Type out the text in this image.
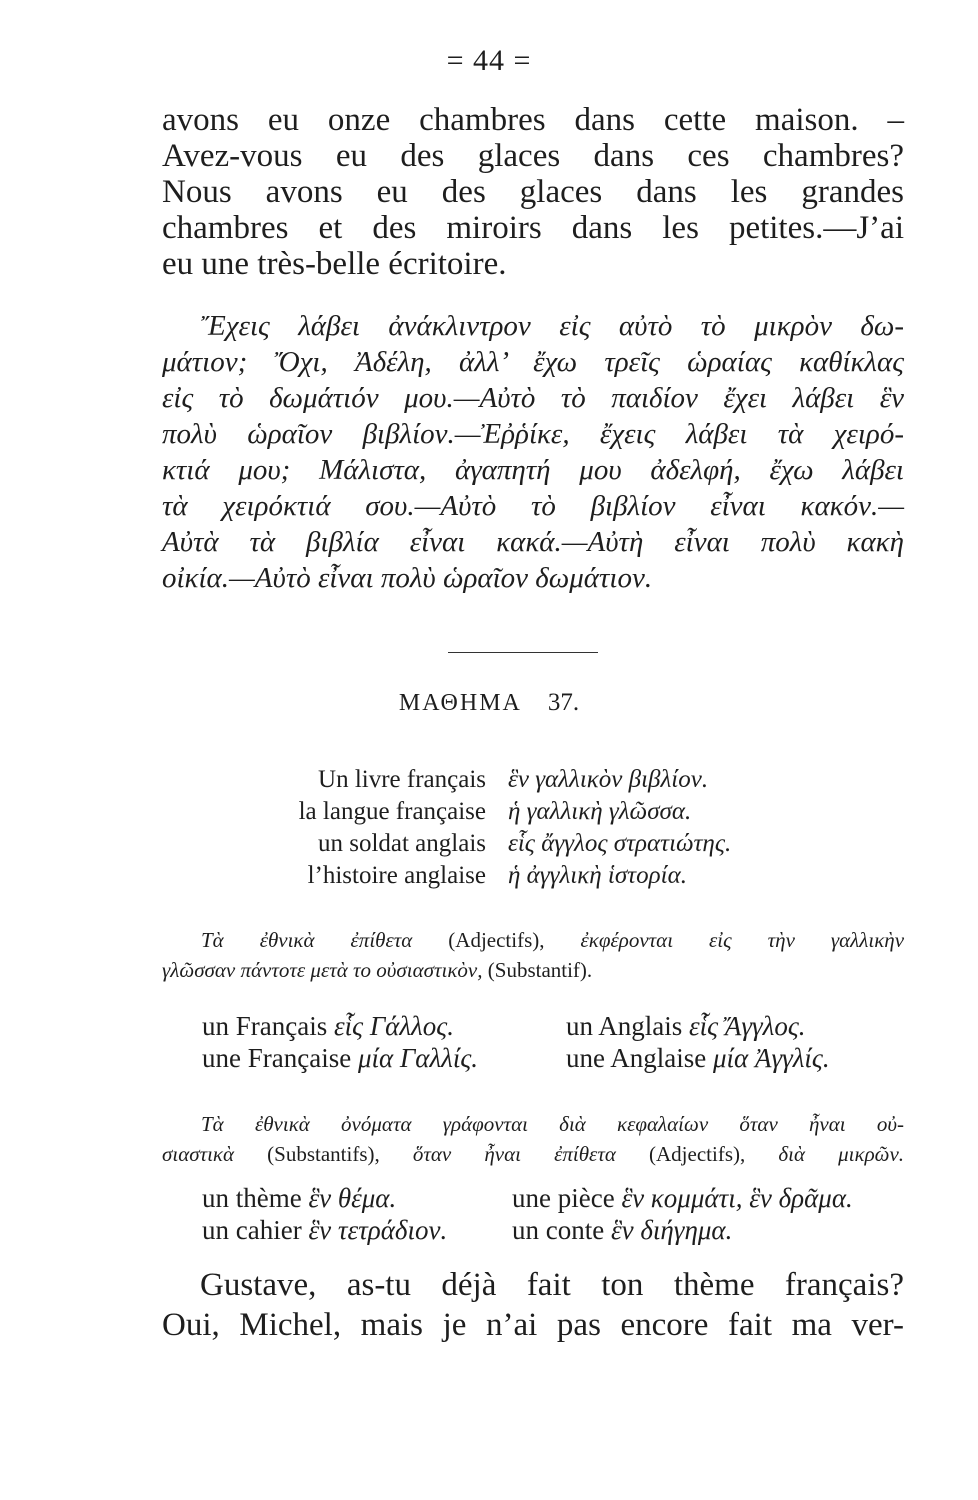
= 44 =
avons eu onze chambres dans cette maison. –
Avez-vous eu des glaces dans ces chambres?
Nous avons eu des glaces dans les grandes
chambres et des miroirs dans les petites.—J’ai
eu une très-belle écritoire.
Ἔχεις λάβει ἀνάκλιντρον εἰς αὐτὸ τὸ μικρὸν δω-
μάτιον; Ὄχι, Ἀδέλη, ἀλλ’ ἔχω τρεῖς ὡραίας καθίκλας
εἰς τὸ δωμάτιόν μου.—Αὐτὸ τὸ παιδίον ἔχει λάβει ἓν
πολὺ ὡραῖον βιβλίον.—Ἐῤῥίκε, ἔχεις λάβει τὰ χειρό-
κτιά μου; Μάλιστα, ἀγαπητή μου ἀδελφή, ἔχω λάβει
τὰ χειρόκτιά σου.—Αὐτὸ τὸ βιβλίον εἶναι κακόν.—
Αὐτὰ τὰ βιβλία εἶναι κακά.—Αὐτὴ εἶναι πολὺ κακὴ
οἰκία.—Αὐτὸ εἶναι πολὺ ὡραῖον δωμάτιον.
ΜΑΘΗΜΑ 37.
Un livre français ἓν γαλλικὸν βιβλίον.
la langue française ἡ γαλλικὴ γλῶσσα.
un soldat anglais εἷς ἄγγλος στρατιώτης.
l’histoire anglaise ἡ ἀγγλικὴ ἱστορία.
Τὰ ἐθνικὰ ἐπίθετα (Adjectifs), ἐκφέρονται εἰς τὴν γαλλικὴν
γλῶσσαν πάντοτε μετὰ το οὐσιαστικὸν, (Substantif).
un Français εἷς Γάλλος.	un Anglais εἷς Ἄγγλος.
une Française μία Γαλλίς.	une Anglaise μία Ἀγγλίς.
Τὰ ἐθνικὰ ὀνόματα γράφονται διὰ κεφαλαίων ὅταν ἦναι οὐ-
σιαστικὰ (Substantifs), ὅταν ἦναι ἐπίθετα (Adjectifs), διὰ μικρῶν.
un thème ἓν θέμα.	une pièce ἓν κομμάτι, ἓν δρᾶμα.
un cahier ἓν τετράδιον. un conte ἓν διήγημα.
Gustave, as-tu déjà fait ton thème français?
Oui, Michel, mais je n’ai pas encore fait ma ver-
